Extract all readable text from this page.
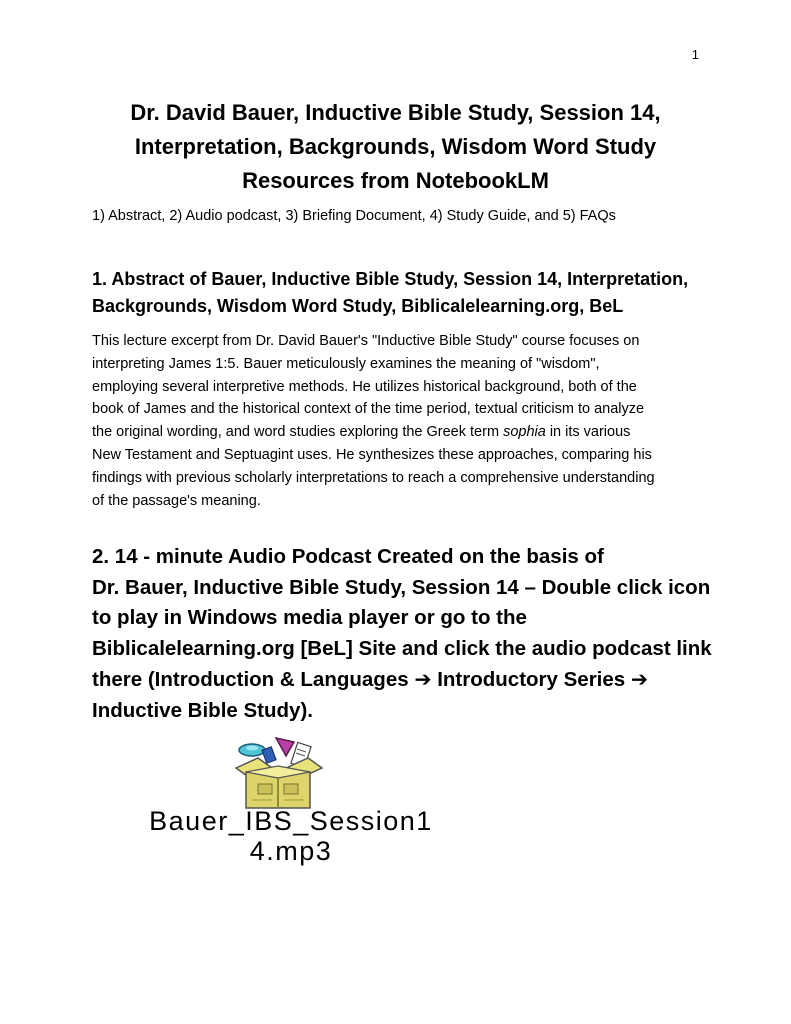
1
Dr. David Bauer, Inductive Bible Study, Session 14,
Interpretation, Backgrounds, Wisdom Word Study
Resources from NotebookLM

1) Abstract, 2) Audio podcast, 3) Briefing Document, 4) Study Guide, and 5) FAQs

1. Abstract of Bauer, Inductive Bible Study, Session 14, Interpretation,
Backgrounds, Wisdom Word Study, Biblicalelearning.org, BeL
This lecture excerpt from Dr. David Bauer's "Inductive Bible Study" course focuses on
interpreting James 1:5. Bauer meticulously examines the meaning of "wisdom",
employing several interpretive methods. He utilizes historical background, both of the
book of James and the historical context of the time period, textual criticism to analyze
the original wording, and word studies exploring the Greek term sophia in its various
New Testament and Septuagint uses. He synthesizes these approaches, comparing his
findings with previous scholarly interpretations to reach a comprehensive understanding
of the passage's meaning.
2. 14 - minute Audio Podcast Created on the basis of
Dr. Bauer, Inductive Bible Study, Session 14 – Double click icon
to play in Windows media player or go to the
Biblicalelearning.org [BeL] Site and click the audio podcast link
there (Introduction & Languages ➔ Introductory Series ➔
Inductive Bible Study).
Bauer_IBS_Session1
4.mp3
